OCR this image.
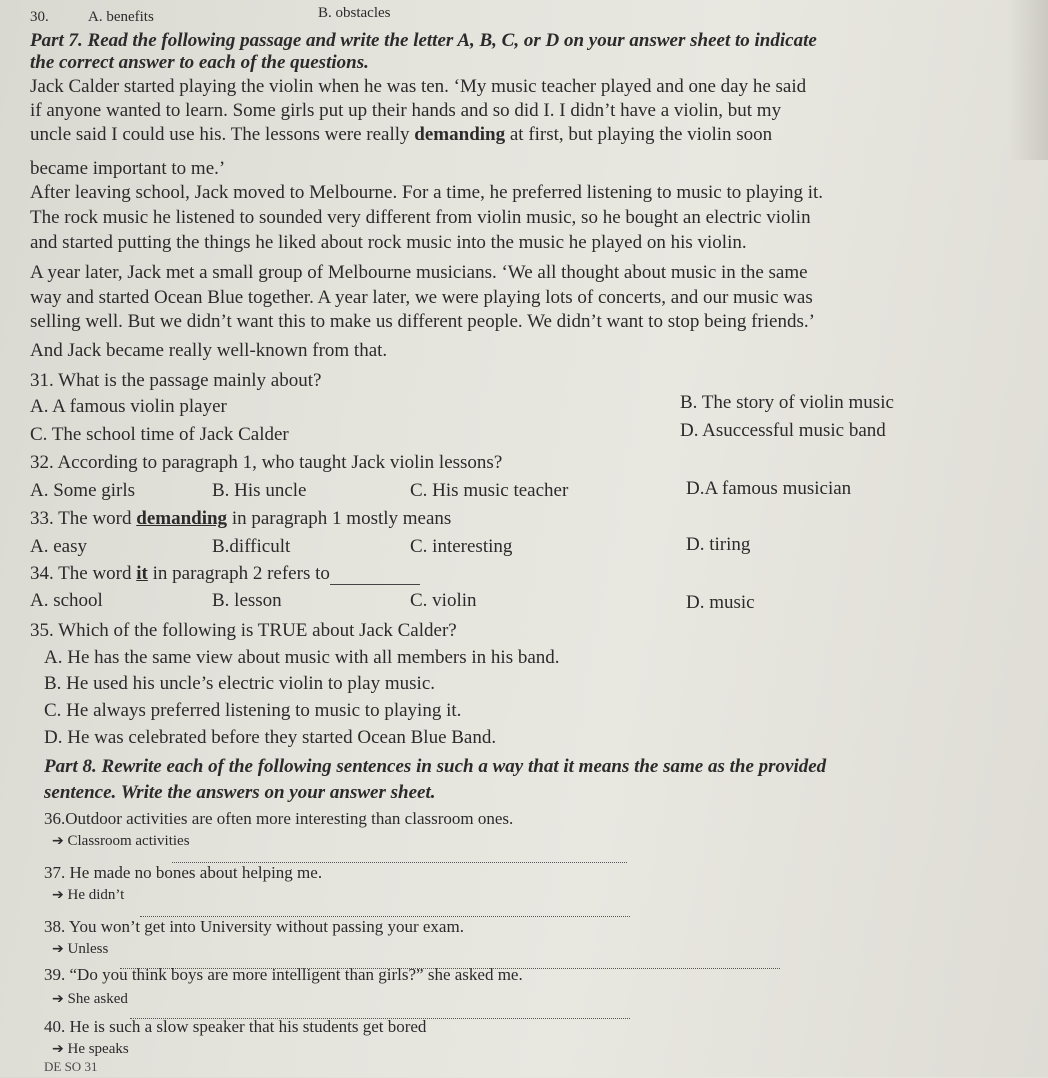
30.	A. benefits	B. obstacles
Part 7. Read the following passage and write the letter A, B, C, or D on your answer sheet to indicate
the correct answer to each of the questions.
Jack Calder started playing the violin when he was ten. ‘My music teacher played and one day he said
if anyone wanted to learn. Some girls put up their hands and so did I. I didn’t have a violin, but my
uncle said I could use his. The lessons were really demanding at first, but playing the violin soon
became important to me.’
After leaving school, Jack moved to Melbourne. For a time, he preferred listening to music to playing it.
The rock music he listened to sounded very different from violin music, so he bought an electric violin
and started putting the things he liked about rock music into the music he played on his violin.
A year later, Jack met a small group of Melbourne musicians. ‘We all thought about music in the same
way and started Ocean Blue together. A year later, we were playing lots of concerts, and our music was
selling well. But we didn’t want this to make us different people. We didn’t want to stop being friends.’
And Jack became really well-known from that.
31. What is the passage mainly about?
A. A famous violin player	B. The story of violin music
C. The school time of Jack Calder	D. Asuccessful music band
32. According to paragraph 1, who taught Jack violin lessons?
A. Some girls	B. His uncle	C. His music teacher	D.A famous musician
33. The word demanding in paragraph 1 mostly means
A. easy	B.difficult	C. interesting	D. tiring
34. The word it in paragraph 2 refers to
A. school	B. lesson	C. violin	D. music
35. Which of the following is TRUE about Jack Calder?
A. He has the same view about music with all members in his band.
B. He used his uncle’s electric violin to play music.
C. He always preferred listening to music to playing it.
D. He was celebrated before they started Ocean Blue Band.
Part 8. Rewrite each of the following sentences in such a way that it means the same as the provided
sentence. Write the answers on your answer sheet.
36.Outdoor activities are often more interesting than classroom ones.
➔ Classroom activities
37. He made no bones about helping me.
➔ He didn’t
38. You won’t get into University without passing your exam.
➔ Unless
39. “Do you think boys are more intelligent than girls?” she asked me.
➔ She asked
40. He is such a slow speaker that his students get bored
➔ He speaks
DE SO 31
